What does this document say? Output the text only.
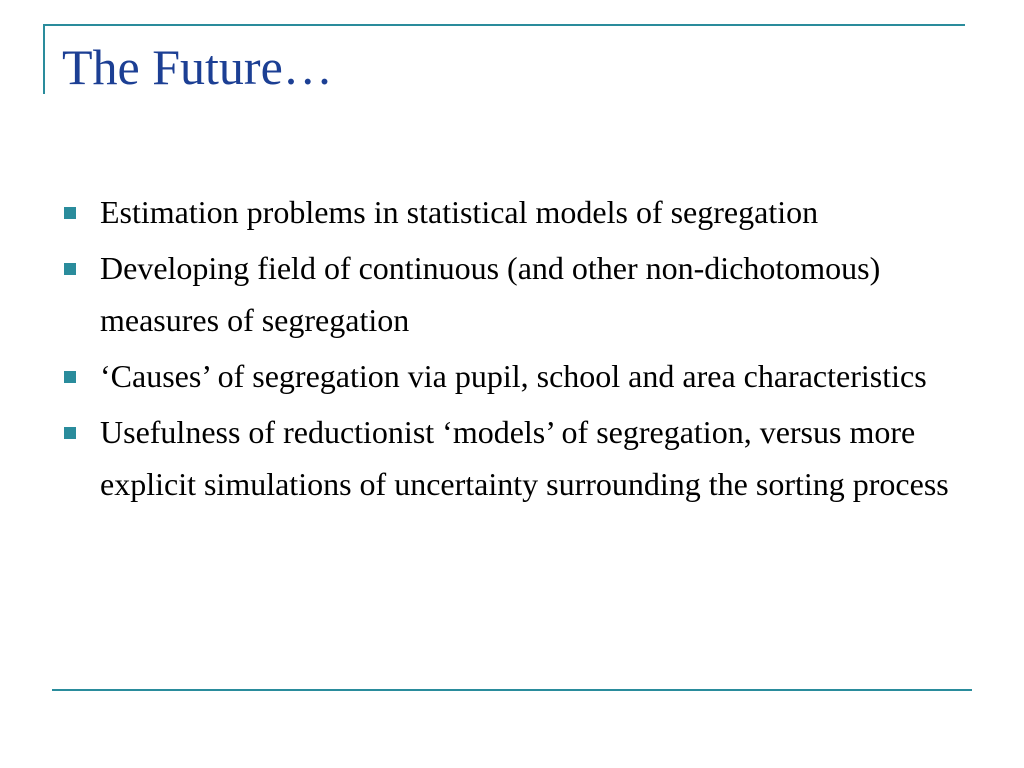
The Future…
Estimation problems in statistical models of segregation
Developing field of continuous (and other non-dichotomous) measures of segregation
‘Causes’ of segregation via pupil, school and area characteristics
Usefulness of reductionist ‘models’ of segregation, versus more explicit simulations of uncertainty surrounding the sorting process
